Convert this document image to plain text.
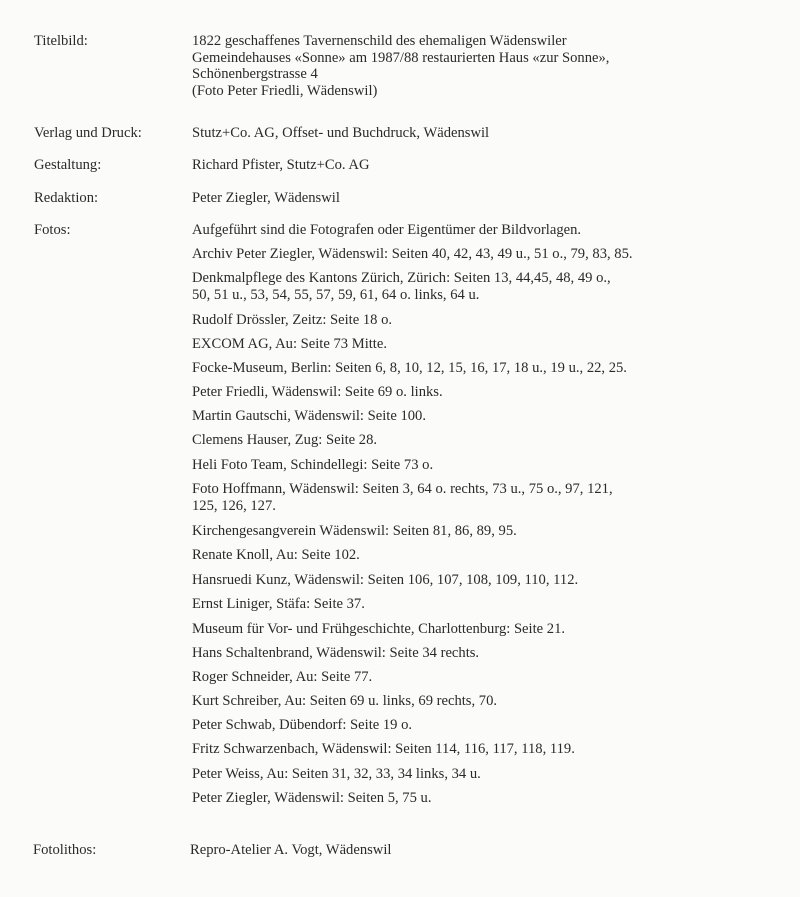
Titelbild:	1822 geschaffenes Tavernenschild des ehemaligen Wädenswiler
Gemeindehauses «Sonne» am 1987/88 restaurierten Haus «zur Sonne»,
Schönenbergstrasse 4
(Foto Peter Friedli, Wädenswil)
Verlag und Druck:	Stutz+Co. AG, Offset- und Buchdruck, Wädenswil
Gestaltung:	Richard Pfister, Stutz+Co. AG
Redaktion:	Peter Ziegler, Wädenswil
Fotos:	Aufgeführt sind die Fotografen oder Eigentümer der Bildvorlagen.
Archiv Peter Ziegler, Wädenswil: Seiten 40, 42, 43, 49 u., 51 o., 79, 83, 85.
Denkmalpflege des Kantons Zürich, Zürich: Seiten 13, 44,45, 48, 49 o.,
50, 51 u., 53, 54, 55, 57, 59, 61, 64 o. links, 64 u.
Rudolf Drössler, Zeitz: Seite 18 o.
EXCOM AG, Au: Seite 73 Mitte.
Focke-Museum, Berlin: Seiten 6, 8, 10, 12, 15, 16, 17, 18 u., 19 u., 22, 25.
Peter Friedli, Wädenswil: Seite 69 o. links.
Martin Gautschi, Wädenswil: Seite 100.
Clemens Hauser, Zug: Seite 28.
Heli Foto Team, Schindellegi: Seite 73 o.
Foto Hoffmann, Wädenswil: Seiten 3, 64 o. rechts, 73 u., 75 o., 97, 121,
125, 126, 127.
Kirchengesangverein Wädenswil: Seiten 81, 86, 89, 95.
Renate Knoll, Au: Seite 102.
Hansruedi Kunz, Wädenswil: Seiten 106, 107, 108, 109, 110, 112.
Ernst Liniger, Stäfa: Seite 37.
Museum für Vor- und Frühgeschichte, Charlottenburg: Seite 21.
Hans Schaltenbrand, Wädenswil: Seite 34 rechts.
Roger Schneider, Au: Seite 77.
Kurt Schreiber, Au: Seiten 69 u. links, 69 rechts, 70.
Peter Schwab, Dübendorf: Seite 19 o.
Fritz Schwarzenbach, Wädenswil: Seiten 114, 116, 117, 118, 119.
Peter Weiss, Au: Seiten 31, 32, 33, 34 links, 34 u.
Peter Ziegler, Wädenswil: Seiten 5, 75 u.
Fotolithos:	Repro-Atelier A. Vogt, Wädenswil
